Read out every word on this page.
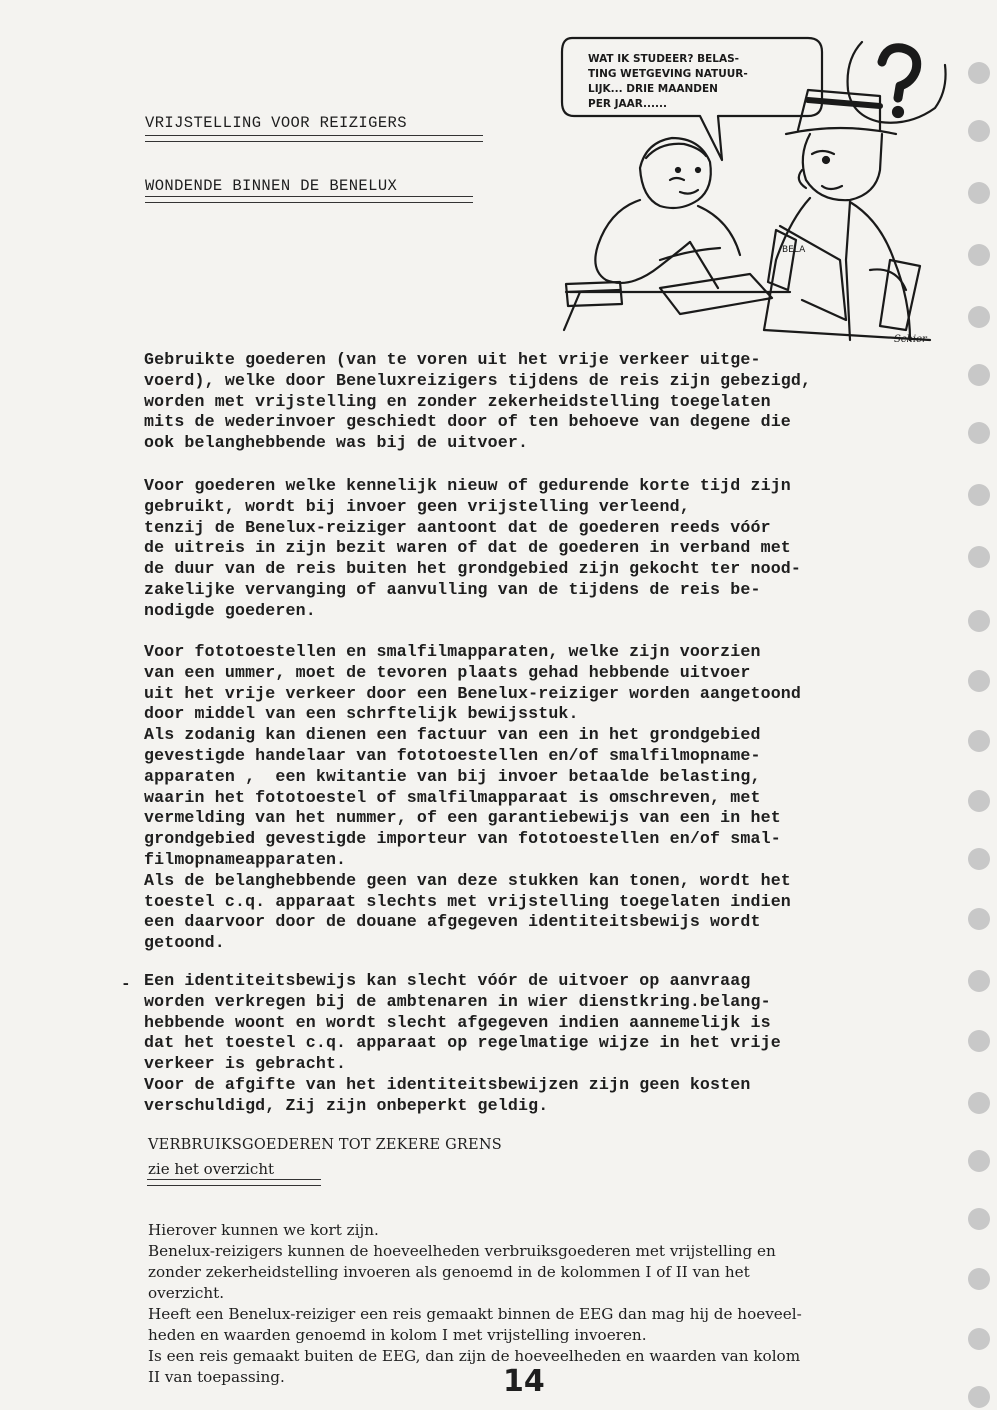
VRIJSTELLING VOOR REIZIGERS
WONDENDE BINNEN DE BENELUX
WAT IK STUDEER? BELAS-
TING WETGEVING NATUUR-
LIJK... DRIE MAANDEN
PER JAAR......
BELA
Schier
Gebruikte goederen (van te voren uit het vrije verkeer uitge-
voerd), welke door Beneluxreizigers tijdens de reis zijn gebezigd,
worden met vrijstelling en zonder zekerheidstelling toegelaten
mits de wederinvoer geschiedt door of ten behoeve van degene die
ook belanghebbende was bij de uitvoer.
Voor goederen welke kennelijk nieuw of gedurende korte tijd zijn
gebruikt, wordt bij invoer geen vrijstelling verleend,
tenzij de Benelux-reiziger aantoont dat de goederen reeds vóór
de uitreis in zijn bezit waren of dat de goederen in verband met
de duur van de reis buiten het grondgebied zijn gekocht ter nood-
zakelijke vervanging of aanvulling van de tijdens de reis be-
nodigde goederen.
Voor fototoestellen en smalfilmapparaten, welke zijn voorzien
van een ummer, moet de tevoren plaats gehad hebbende uitvoer
uit het vrije verkeer door een Benelux-reiziger worden aangetoond
door middel van een schrftelijk bewijsstuk.
Als zodanig kan dienen een factuur van een in het grondgebied
gevestigde handelaar van fototoestellen en/of smalfilmopname-
apparaten ,  een kwitantie van bij invoer betaalde belasting,
waarin het fototoestel of smalfilmapparaat is omschreven, met
vermelding van het nummer, of een garantiebewijs van een in het
grondgebied gevestigde importeur van fototoestellen en/of smal-
filmopnameapparaten.
Als de belanghebbende geen van deze stukken kan tonen, wordt het
toestel c.q. apparaat slechts met vrijstelling toegelaten indien
een daarvoor door de douane afgegeven identiteitsbewijs wordt
getoond.
- Een identiteitsbewijs kan slecht vóór de uitvoer op aanvraag
worden verkregen bij de ambtenaren in wier dienstkring.belang-
hebbende woont en wordt slecht afgegeven indien aannemelijk is
dat het toestel c.q. apparaat op regelmatige wijze in het vrije
verkeer is gebracht.
Voor de afgifte van het identiteitsbewijzen zijn geen kosten
verschuldigd, Zij zijn onbeperkt geldig.
VERBRUIKSGOEDEREN TOT ZEKERE GRENS
zie het overzicht
Hierover kunnen we kort zijn.
Benelux-reizigers kunnen de hoeveelheden verbruiksgoederen met vrijstelling en
zonder zekerheidstelling invoeren als genoemd in de kolommen I of II van het
overzicht.
Heeft een Benelux-reiziger een reis gemaakt binnen de EEG dan mag hij de hoeveel-
heden en waarden genoemd in kolom I met vrijstelling invoeren.
Is een reis gemaakt buiten de EEG, dan zijn de hoeveelheden en waarden van kolom
II van toepassing.	14
